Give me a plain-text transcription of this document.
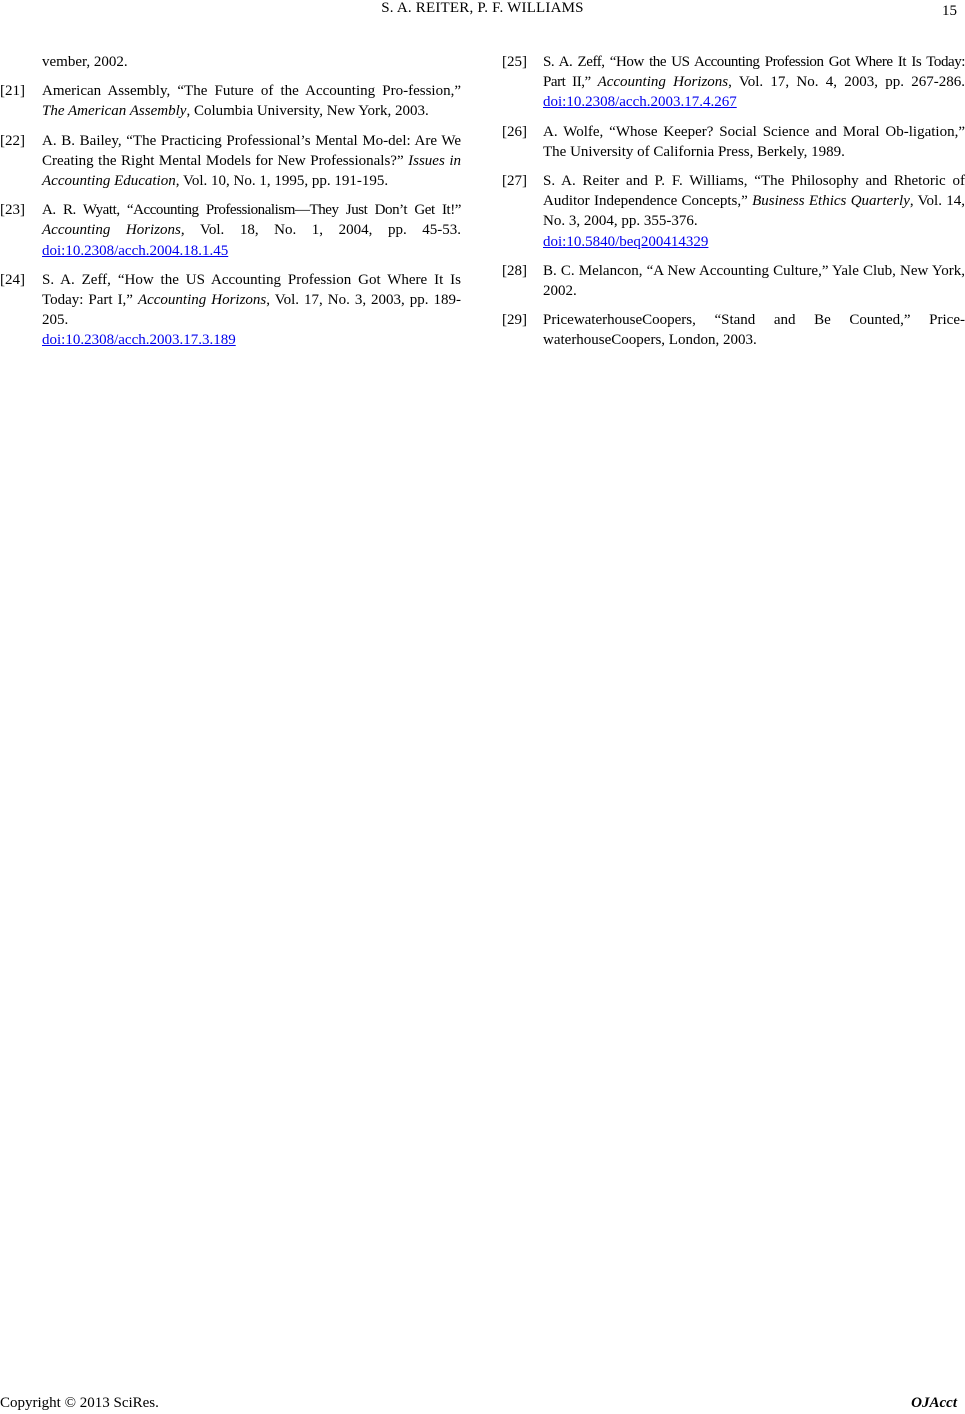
S. A. REITER, P. F. WILLIAMS	15
vember, 2002.
[21] American Assembly, “The Future of the Accounting Pro-fession,” The American Assembly, Columbia University, New York, 2003.
[22] A. B. Bailey, “The Practicing Professional’s Mental Mo-del: Are We Creating the Right Mental Models for New Professionals?” Issues in Accounting Education, Vol. 10, No. 1, 1995, pp. 191-195.
[23] A. R. Wyatt, “Accounting Professionalism—They Just Don’t Get It!” Accounting Horizons, Vol. 18, No. 1, 2004, pp. 45-53. doi:10.2308/acch.2004.18.1.45
[24] S. A. Zeff, “How the US Accounting Profession Got Where It Is Today: Part I,” Accounting Horizons, Vol. 17, No. 3, 2003, pp. 189-205.
doi:10.2308/acch.2003.17.3.189
[25] S. A. Zeff, “How the US Accounting Profession Got Where It Is Today: Part II,” Accounting Horizons, Vol. 17, No. 4, 2003, pp. 267-286. doi:10.2308/acch.2003.17.4.267
[26] A. Wolfe, “Whose Keeper? Social Science and Moral Ob-ligation,” The University of California Press, Berkely, 1989.
[27] S. A. Reiter and P. F. Williams, “The Philosophy and Rhetoric of Auditor Independence Concepts,” Business Ethics Quarterly, Vol. 14, No. 3, 2004, pp. 355-376.
doi:10.5840/beq200414329
[28] B. C. Melancon, “A New Accounting Culture,” Yale Club, New York, 2002.
[29] PricewaterhouseCoopers, “Stand and Be Counted,” Price-waterhouseCoopers, London, 2003.
Copyright © 2013 SciRes.	OJAcct
